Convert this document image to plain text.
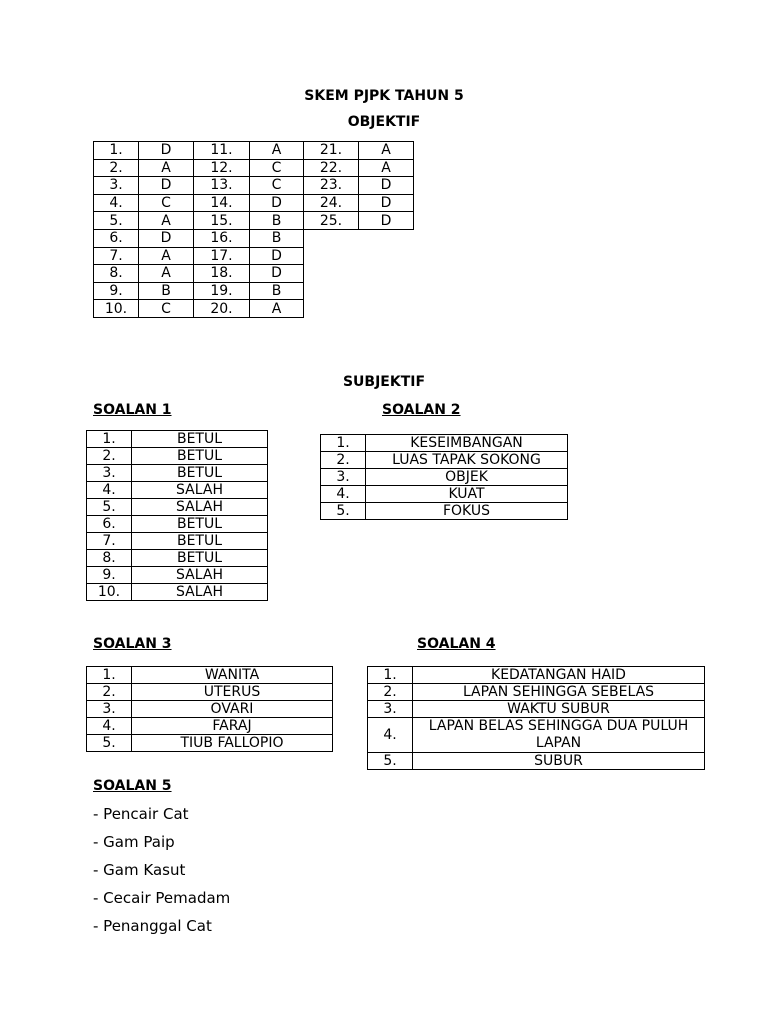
SKEM PJPK TAHUN 5
OBJEKTIF
1.	D	11.	A	21.	A
2.	A	12.	C	22.	A
3.	D	13.	C	23.	D
4.	C	14.	D	24.	D
5.	A	15.	B	25.	D
6.	D	16.	B		
7.	A	17.	D		
8.	A	18.	D		
9.	B	19.	B		
10.	C	20.	A		
SUBJEKTIF
SOALAN 1	SOALAN 2
1.	BETUL
2.	BETUL
3.	BETUL
4.	SALAH
5.	SALAH
6.	BETUL
7.	BETUL
8.	BETUL
9.	SALAH
10.	SALAH
1.	KESEIMBANGAN
2.	LUAS TAPAK SOKONG
3.	OBJEK
4.	KUAT
5.	FOKUS
SOALAN 3	SOALAN 4
1.	WANITA
2.	UTERUS
3.	OVARI
4.	FARAJ
5.	TIUB FALLOPIO
1.	KEDATANGAN HAID
2.	LAPAN SEHINGGA SEBELAS
3.	WAKTU SUBUR
4.	LAPAN BELAS SEHINGGA DUA PULUH LAPAN
5.	SUBUR
SOALAN 5
- Pencair Cat
- Gam Paip
- Gam Kasut
- Cecair Pemadam
- Penanggal Cat
